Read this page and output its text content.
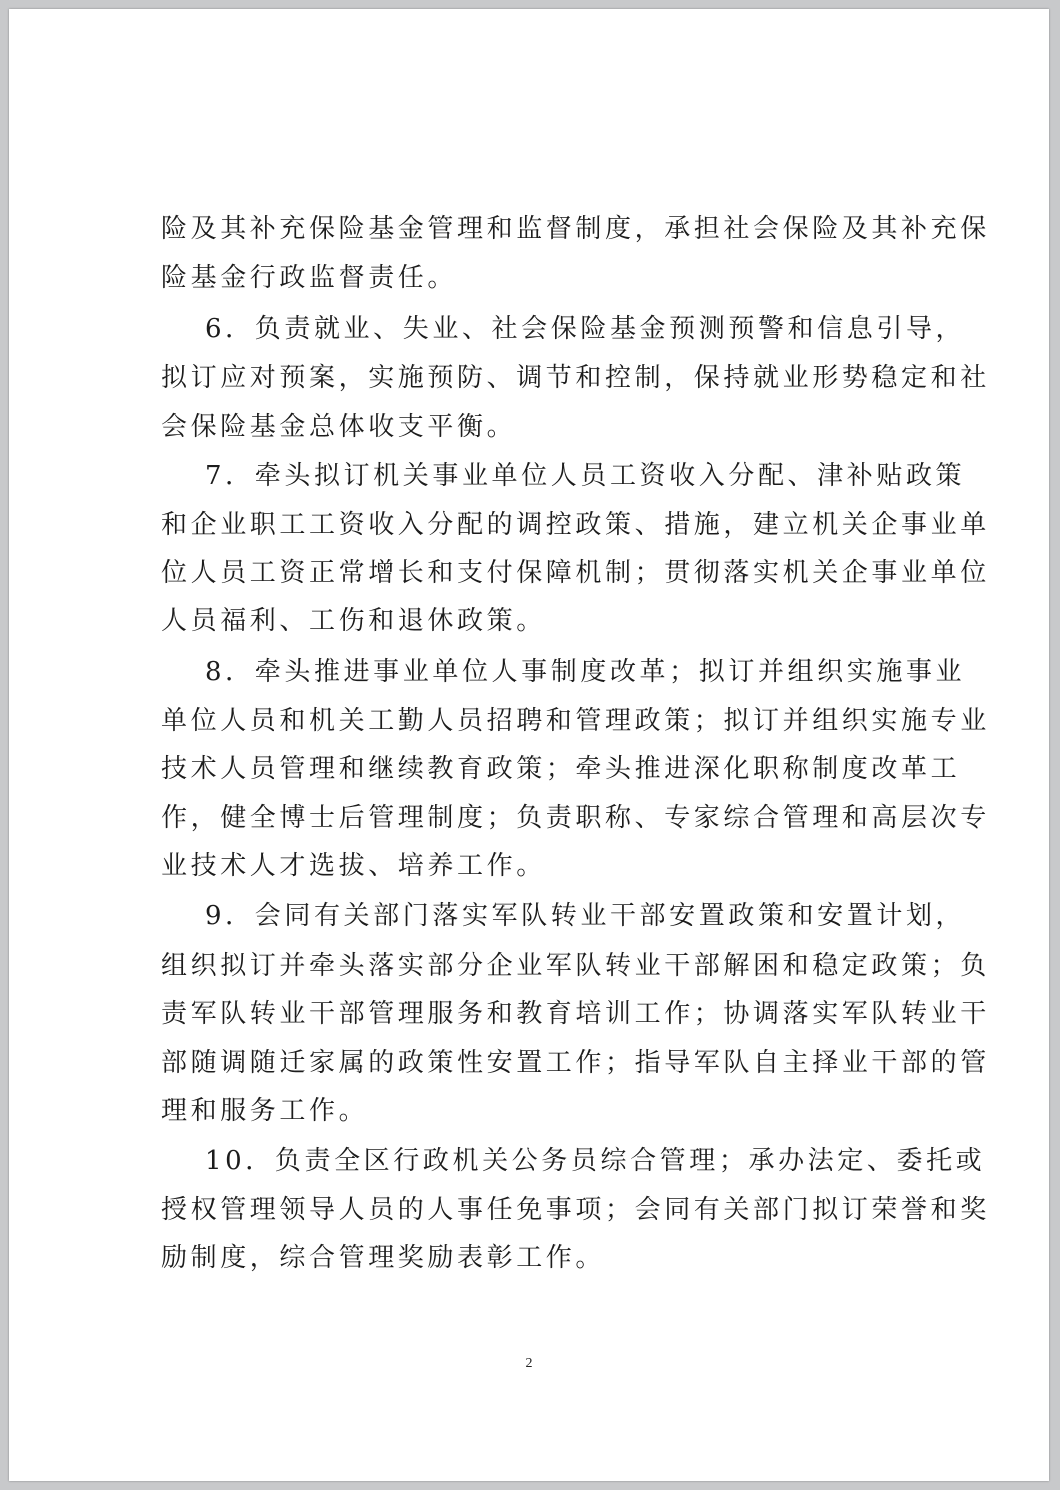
险及其补充保险基金管理和监督制度，承担社会保险及其补充保
险基金行政监督责任。
6．负责就业、失业、社会保险基金预测预警和信息引导，
拟订应对预案，实施预防、调节和控制，保持就业形势稳定和社
会保险基金总体收支平衡。
7．牵头拟订机关事业单位人员工资收入分配、津补贴政策
和企业职工工资收入分配的调控政策、措施，建立机关企事业单
位人员工资正常增长和支付保障机制；贯彻落实机关企事业单位
人员福利、工伤和退休政策。
8．牵头推进事业单位人事制度改革；拟订并组织实施事业
单位人员和机关工勤人员招聘和管理政策；拟订并组织实施专业
技术人员管理和继续教育政策；牵头推进深化职称制度改革工
作，健全博士后管理制度；负责职称、专家综合管理和高层次专
业技术人才选拔、培养工作。
9．会同有关部门落实军队转业干部安置政策和安置计划，
组织拟订并牵头落实部分企业军队转业干部解困和稳定政策；负
责军队转业干部管理服务和教育培训工作；协调落实军队转业干
部随调随迁家属的政策性安置工作；指导军队自主择业干部的管
理和服务工作。
10．负责全区行政机关公务员综合管理；承办法定、委托或
授权管理领导人员的人事任免事项；会同有关部门拟订荣誉和奖
励制度，综合管理奖励表彰工作。
2
